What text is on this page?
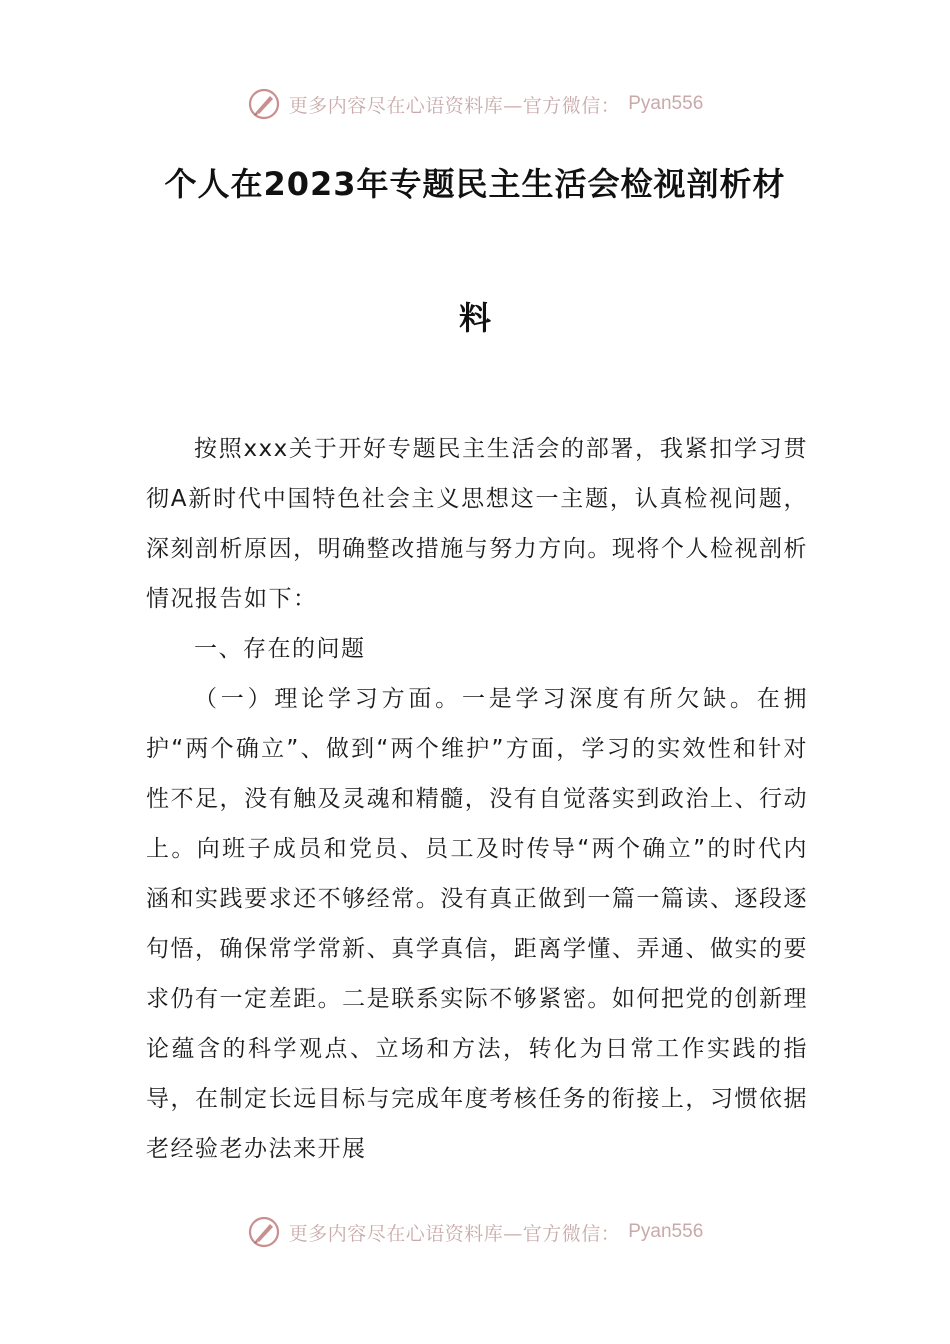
更多内容尽在心语资料库—官方微信： Pyan556
个人在2023年专题民主生活会检视剖析材
料

按照xxx关于开好专题民主生活会的部署，我紧扣学习贯彻A新时代中国特色社会主义思想这一主题，认真检视问题，深刻剖析原因，明确整改措施与努力方向。现将个人检视剖析情况报告如下：

一、存在的问题

（一）理论学习方面。一是学习深度有所欠缺。在拥护“两个确立”、做到“两个维护”方面，学习的实效性和针对性不足，没有触及灵魂和精髓，没有自觉落实到政治上、行动上。向班子成员和党员、员工及时传导“两个确立”的时代内涵和实践要求还不够经常。没有真正做到一篇一篇读、逐段逐句悟，确保常学常新、真学真信，距离学懂、弄通、做实的要求仍有一定差距。二是联系实际不够紧密。如何把党的创新理论蕴含的科学观点、立场和方法，转化为日常工作实践的指导，在制定长远目标与完成年度考核任务的衔接上，习惯依据老经验老办法来开展

更多内容尽在心语资料库—官方微信： Pyan556
